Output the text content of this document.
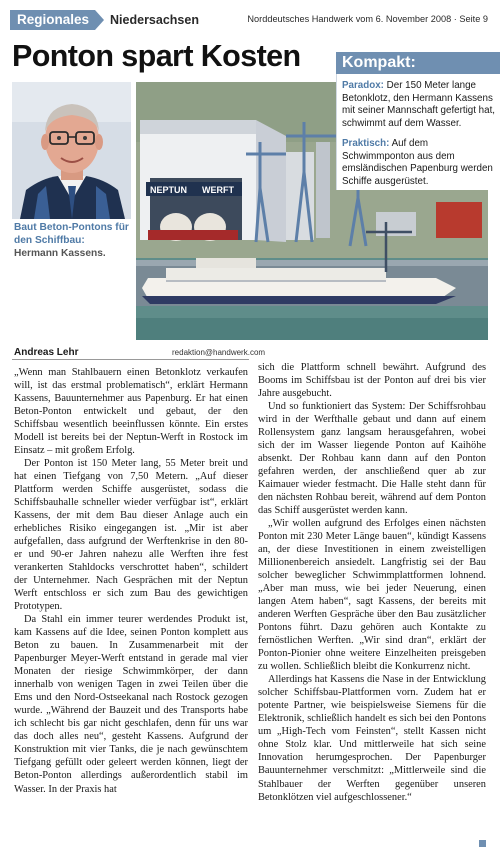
Regionales	Niedersachsen	Norddeutsches Handwerk vom 6. November 2008 · Seite 9
Ponton spart Kosten
Baut Beton-Pontons für
den Schiffbau:
Hermann Kassens.
NEPTUN WERFT
Kompakt:
Paradox: Der 150 Meter lange Betonklotz, den Hermann Kassens mit seiner Mannschaft gefertigt hat, schwimmt auf dem Wasser.
Praktisch: Auf dem Schwimmponton aus dem emsländischen Papenburg werden Schiffe ausgerüstet.
Andreas Lehr	redaktion@handwerk.com

„Wenn man Stahlbauern einen Betonklotz verkaufen will, ist das erstmal problematisch“, erklärt Hermann Kassens, Bauunternehmer aus Papenburg. Er hat einen Beton-Ponton entwickelt und gebaut, der den Schiffsbau wesentlich beeinflussen könnte. Ein erstes Modell ist bereits bei der Neptun-Werft in Rostock im Einsatz – mit großem Erfolg.

Der Ponton ist 150 Meter lang, 55 Meter breit und hat einen Tiefgang von 7,50 Metern. „Auf dieser Plattform werden Schiffe ausgerüstet, sodass die Schiffsbauhalle schneller wieder verfügbar ist“, erklärt Kassens, der mit dem Bau dieser Anlage auch ein erhebliches Risiko eingegangen ist. „Mir ist aber aufgefallen, dass aufgrund der Werftenkrise in den 80-er und 90-er Jahren nahezu alle Werften ihre fest verankerten Stahldocks verschrottet haben“, schildert der Unternehmer. Nach Gesprächen mit der Neptun Werft entschloss er sich zum Bau des gewichtigen Prototypen.

Da Stahl ein immer teurer werdendes Produkt ist, kam Kassens auf die Idee, seinen Ponton komplett aus Beton zu bauen. In Zusammenarbeit mit der Papenburger Meyer-Werft entstand in gerade mal vier Monaten der riesige Schwimmkörper, der dann innerhalb von wenigen Tagen in zwei Teilen über die Ems und den Nord-Ostseekanal nach Rostock gezogen wurde. „Während der Bauzeit und des Transports habe ich schlecht bis gar nicht geschlafen, denn für uns war das doch alles neu“, gesteht Kassens. Aufgrund der Konstruktion mit vier Tanks, die je nach gewünschtem Tiefgang gefüllt oder geleert werden können, liegt der Beton-Ponton allerdings außerordentlich stabil im Wasser. In der Praxis hat

sich die Plattform schnell bewährt. Aufgrund des Booms im Schiffsbau ist der Ponton auf drei bis vier Jahre ausgebucht.

Und so funktioniert das System: Der Schiffsrohbau wird in der Werfthalle gebaut und dann auf einem Rollensystem ganz langsam herausgefahren, wobei sich der im Wasser liegende Ponton auf Kaihöhe absenkt. Der Rohbau kann dann auf den Ponton gefahren werden, der anschließend quer ab zur Kaimauer wieder festmacht. Die Halle steht dann für den nächsten Rohbau bereit, während auf dem Ponton das Schiff ausgerüstet werden kann.

„Wir wollen aufgrund des Erfolges einen nächsten Ponton mit 230 Meter Länge bauen“, kündigt Kassens an, der diese Investitionen in einem zweistelligen Millionenbereich ansiedelt. Langfristig sei der Bau solcher beweglicher Schwimmplattformen lohnend. „Aber man muss, wie bei jeder Neuerung, einen langen Atem haben“, sagt Kassens, der bereits mit anderen Werften Gespräche über den Bau zusätzlicher Pontons führt. Dazu gehören auch Kontakte zu fernöstlichen Werften. „Wir sind dran“, erklärt der Ponton-Pionier ohne weitere Einzelheiten preisgeben zu wollen. Schließlich bleibt die Konkurrenz nicht.

Allerdings hat Kassens die Nase in der Entwicklung solcher Schiffsbau-Plattformen vorn. Zudem hat er potente Partner, wie beispielsweise Siemens für die Elektronik, schließlich handelt es sich bei den Pontons um „High-Tech vom Feinsten“, stellt Kassen nicht ohne Stolz klar. Und mittlerweile hat sich seine Innovation herumgesprochen. Der Papenburger Bauunternehmer verschmitzt: „Mittlerweile sind die Stahlbauer der Werften gegenüber unseren Betonklötzen viel aufgeschlossener.“
